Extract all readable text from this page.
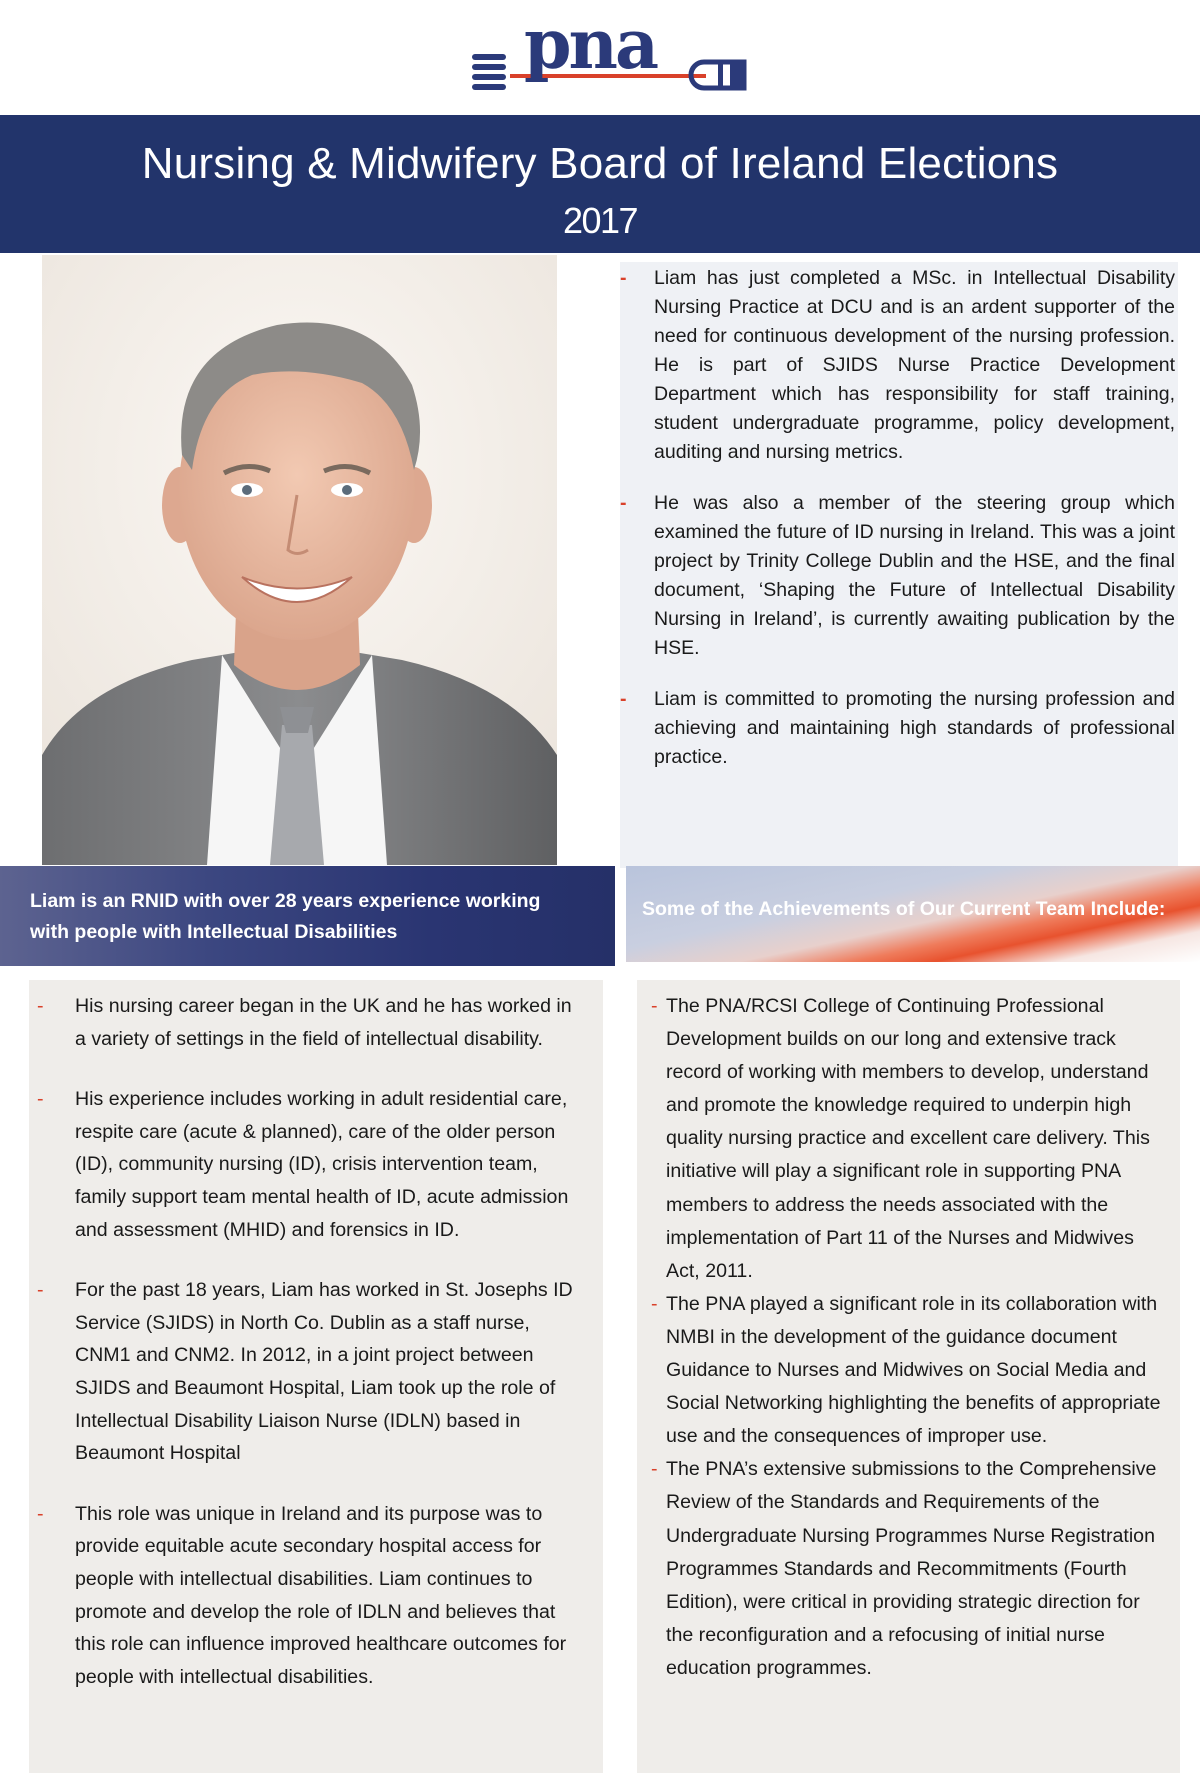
pna
Nursing & Midwifery Board of Ireland Elections
2017
- Liam has just completed a MSc. in Intellectual Disability Nursing Practice at DCU and is an ardent supporter of the need for continuous development of the nursing profession. He is part of SJIDS Nurse Practice Development Department which has responsibility for staff training, student undergraduate programme, policy development, auditing and nursing metrics.
- He was also a member of the steering group which examined the future of ID nursing in Ireland. This was a joint project by Trinity College Dublin and the HSE, and the final document, ‘Shaping the Future of Intellectual Disability Nursing in Ireland’, is currently awaiting publication by the HSE.
- Liam is committed to promoting the nursing profession and achieving and maintaining high standards of professional practice.
Liam is an RNID with over 28 years experience working
with people with Intellectual Disabilities
Some of the Achievements of Our Current Team Include:
- His nursing career began in the UK and he has worked in a variety of settings in the field of intellectual disability.
- His experience includes working in adult residential care, respite care (acute & planned), care of the older person (ID), community nursing (ID), crisis intervention team, family support team mental health of ID, acute admission and assessment (MHID) and forensics in ID.
- For the past 18 years, Liam has worked in St. Josephs ID Service (SJIDS) in North Co. Dublin as a staff nurse, CNM1 and CNM2. In 2012, in a joint project between SJIDS and Beaumont Hospital, Liam took up the role of Intellectual Disability Liaison Nurse (IDLN) based in Beaumont Hospital
- This role was unique in Ireland and its purpose was to provide equitable acute secondary hospital access for people with intellectual disabilities. Liam continues to promote and develop the role of IDLN and believes that this role can influence improved healthcare outcomes for people with intellectual disabilities.
- The PNA/RCSI College of Continuing Professional Development builds on our long and extensive track record of working with members to develop, understand and promote the knowledge required to underpin high quality nursing practice and excellent care delivery. This initiative will play a significant role in supporting PNA members to address the needs associated with the implementation of Part 11 of the Nurses and Midwives Act, 2011.
- The PNA played a significant role in its collaboration with NMBI in the development of the guidance document Guidance to Nurses and Midwives on Social Media and Social Networking highlighting the benefits of appropriate use and the consequences of improper use.
- The PNA’s extensive submissions to the Comprehensive Review of the Standards and Requirements of the Undergraduate Nursing Programmes Nurse Registration Programmes Standards and Recommitments (Fourth Edition), were critical in providing strategic direction for the reconfiguration and a refocusing of initial nurse education programmes.
